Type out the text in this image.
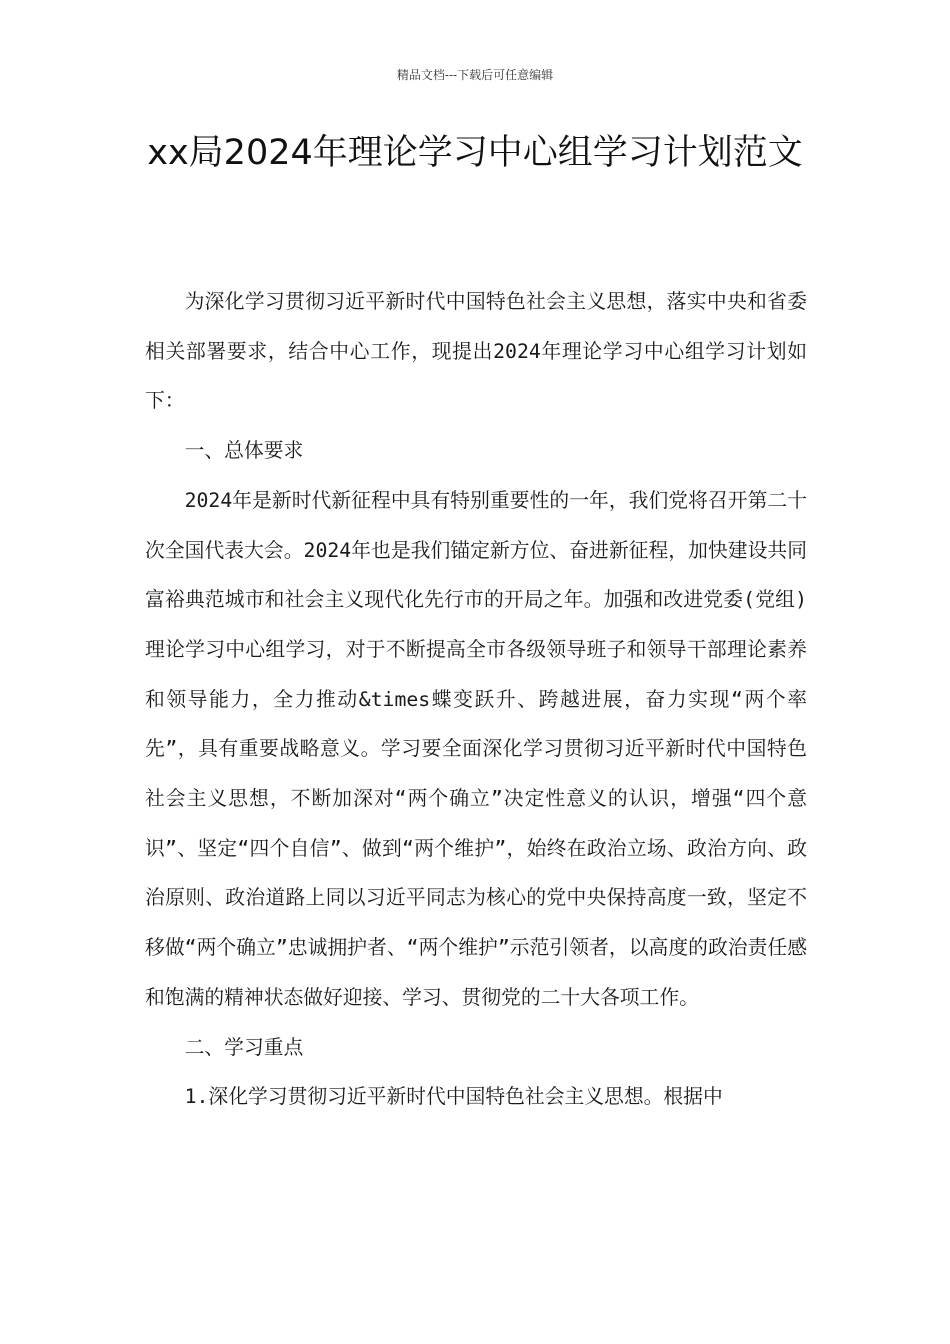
精品文档---下载后可任意编辑
xx局2024年理论学习中心组学习计划范文

为深化学习贯彻习近平新时代中国特色社会主义思想，落实中央和省委相关部署要求，结合中心工作，现提出2024年理论学习中心组学习计划如下：

一、总体要求

2024年是新时代新征程中具有特别重要性的一年，我们党将召开第二十次全国代表大会。2024年也是我们锚定新方位、奋进新征程，加快建设共同富裕典范城市和社会主义现代化先行市的开局之年。加强和改进党委(党组)理论学习中心组学习，对于不断提高全市各级领导班子和领导干部理论素养和领导能力，全力推动&times蝶变跃升、跨越进展，奋力实现“两个率先”，具有重要战略意义。学习要全面深化学习贯彻习近平新时代中国特色社会主义思想，不断加深对“两个确立”决定性意义的认识，增强“四个意识”、坚定“四个自信”、做到“两个维护”，始终在政治立场、政治方向、政治原则、政治道路上同以习近平同志为核心的党中央保持高度一致，坚定不移做“两个确立”忠诚拥护者、“两个维护”示范引领者，以高度的政治责任感和饱满的精神状态做好迎接、学习、贯彻党的二十大各项工作。

二、学习重点

1.深化学习贯彻习近平新时代中国特色社会主义思想。根据中
